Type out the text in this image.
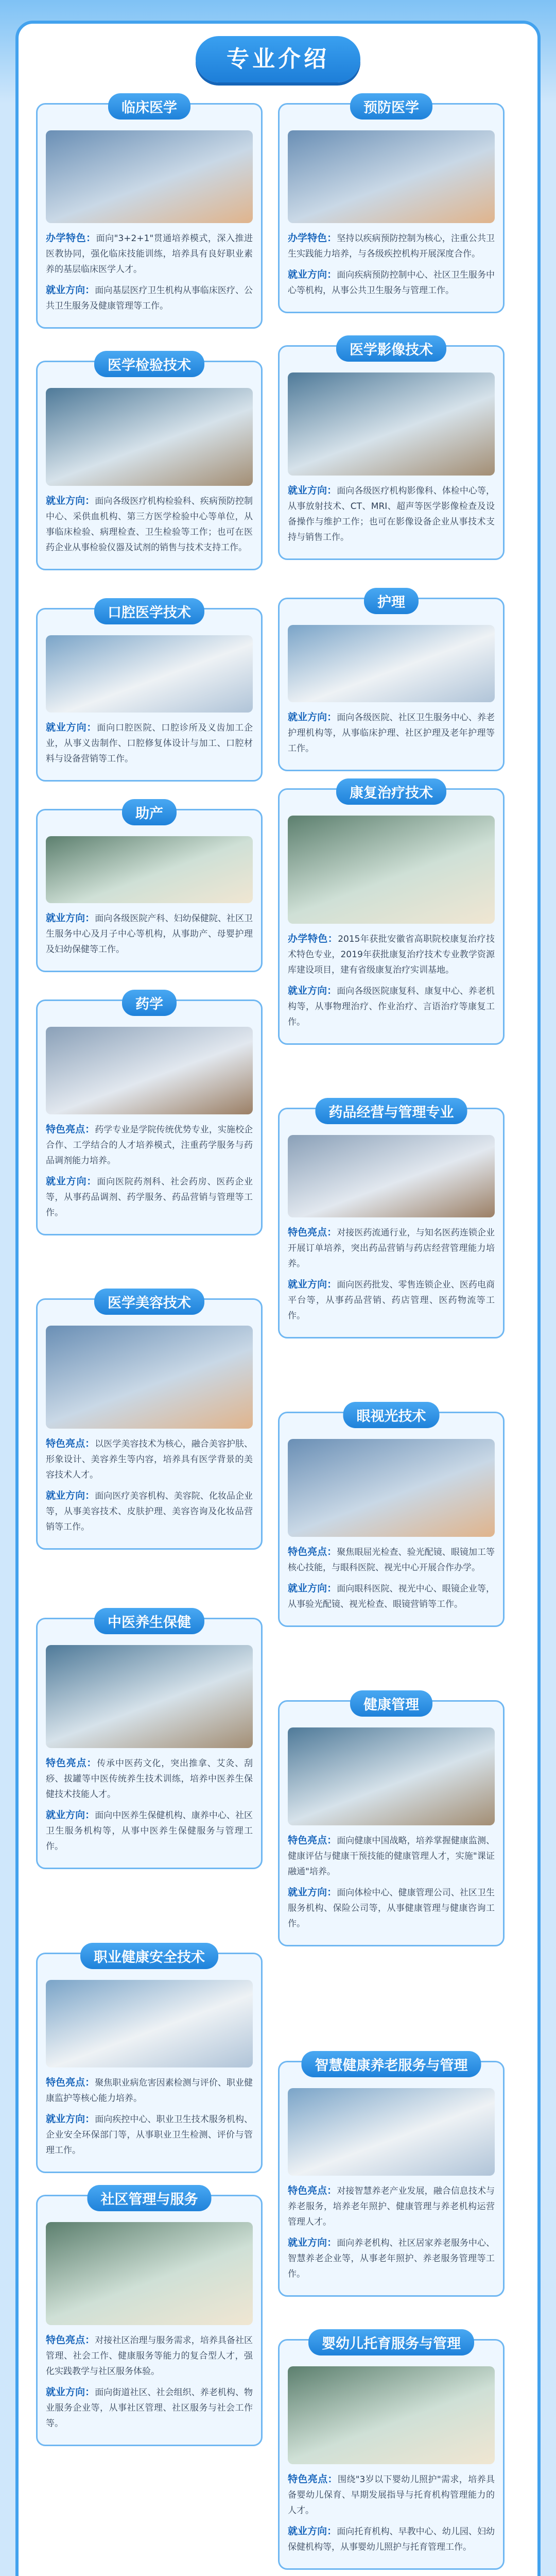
专业介绍
临床医学
办学特色：面向"3+2+1"贯通培养模式，深入推进医教协同，强化临床技能训练，培养具有良好职业素养的基层临床医学人才。
就业方向：面向基层医疗卫生机构从事临床医疗、公共卫生服务及健康管理等工作。
医学检验技术
就业方向：面向各级医疗机构检验科、疾病预防控制中心、采供血机构、第三方医学检验中心等单位，从事临床检验、病理检查、卫生检验等工作；也可在医药企业从事检验仪器及试剂的销售与技术支持工作。
口腔医学技术
就业方向：面向口腔医院、口腔诊所及义齿加工企业，从事义齿制作、口腔修复体设计与加工、口腔材料与设备营销等工作。
助产
就业方向：面向各级医院产科、妇幼保健院、社区卫生服务中心及月子中心等机构，从事助产、母婴护理及妇幼保健等工作。
药学
特色亮点：药学专业是学院传统优势专业，实施校企合作、工学结合的人才培养模式，注重药学服务与药品调剂能力培养。
就业方向：面向医院药剂科、社会药房、医药企业等，从事药品调剂、药学服务、药品营销与管理等工作。
医学美容技术
特色亮点：以医学美容技术为核心，融合美容护肤、形象设计、美容养生等内容，培养具有医学背景的美容技术人才。
就业方向：面向医疗美容机构、美容院、化妆品企业等，从事美容技术、皮肤护理、美容咨询及化妆品营销等工作。
中医养生保健
特色亮点：传承中医药文化，突出推拿、艾灸、刮痧、拔罐等中医传统养生技术训练，培养中医养生保健技术技能人才。
就业方向：面向中医养生保健机构、康养中心、社区卫生服务机构等，从事中医养生保健服务与管理工作。
职业健康安全技术
特色亮点：聚焦职业病危害因素检测与评价、职业健康监护等核心能力培养。
就业方向：面向疾控中心、职业卫生技术服务机构、企业安全环保部门等，从事职业卫生检测、评价与管理工作。
社区管理与服务
特色亮点：对接社区治理与服务需求，培养具备社区管理、社会工作、健康服务等能力的复合型人才，强化实践教学与社区服务体验。
就业方向：面向街道社区、社会组织、养老机构、物业服务企业等，从事社区管理、社区服务与社会工作等。
预防医学
办学特色：坚持以疾病预防控制为核心，注重公共卫生实践能力培养，与各级疾控机构开展深度合作。
就业方向：面向疾病预防控制中心、社区卫生服务中心等机构，从事公共卫生服务与管理工作。
医学影像技术
就业方向：面向各级医疗机构影像科、体检中心等，从事放射技术、CT、MRI、超声等医学影像检查及设备操作与维护工作；也可在影像设备企业从事技术支持与销售工作。
护理
就业方向：面向各级医院、社区卫生服务中心、养老护理机构等，从事临床护理、社区护理及老年护理等工作。
康复治疗技术
办学特色：2015年获批安徽省高职院校康复治疗技术特色专业，2019年获批康复治疗技术专业教学资源库建设项目，建有省级康复治疗实训基地。
就业方向：面向各级医院康复科、康复中心、养老机构等，从事物理治疗、作业治疗、言语治疗等康复工作。
药品经营与管理专业
特色亮点：对接医药流通行业，与知名医药连锁企业开展订单培养，突出药品营销与药店经营管理能力培养。
就业方向：面向医药批发、零售连锁企业、医药电商平台等，从事药品营销、药店管理、医药物流等工作。
眼视光技术
特色亮点：聚焦眼屈光检查、验光配镜、眼镜加工等核心技能，与眼科医院、视光中心开展合作办学。
就业方向：面向眼科医院、视光中心、眼镜企业等，从事验光配镜、视光检查、眼镜营销等工作。
健康管理
特色亮点：面向健康中国战略，培养掌握健康监测、健康评估与健康干预技能的健康管理人才，实施"课证融通"培养。
就业方向：面向体检中心、健康管理公司、社区卫生服务机构、保险公司等，从事健康管理与健康咨询工作。
智慧健康养老服务与管理
特色亮点：对接智慧养老产业发展，融合信息技术与养老服务，培养老年照护、健康管理与养老机构运营管理人才。
就业方向：面向养老机构、社区居家养老服务中心、智慧养老企业等，从事老年照护、养老服务管理等工作。
婴幼儿托育服务与管理
特色亮点：围绕"3岁以下婴幼儿照护"需求，培养具备婴幼儿保育、早期发展指导与托育机构管理能力的人才。
就业方向：面向托育机构、早教中心、幼儿园、妇幼保健机构等，从事婴幼儿照护与托育管理工作。
